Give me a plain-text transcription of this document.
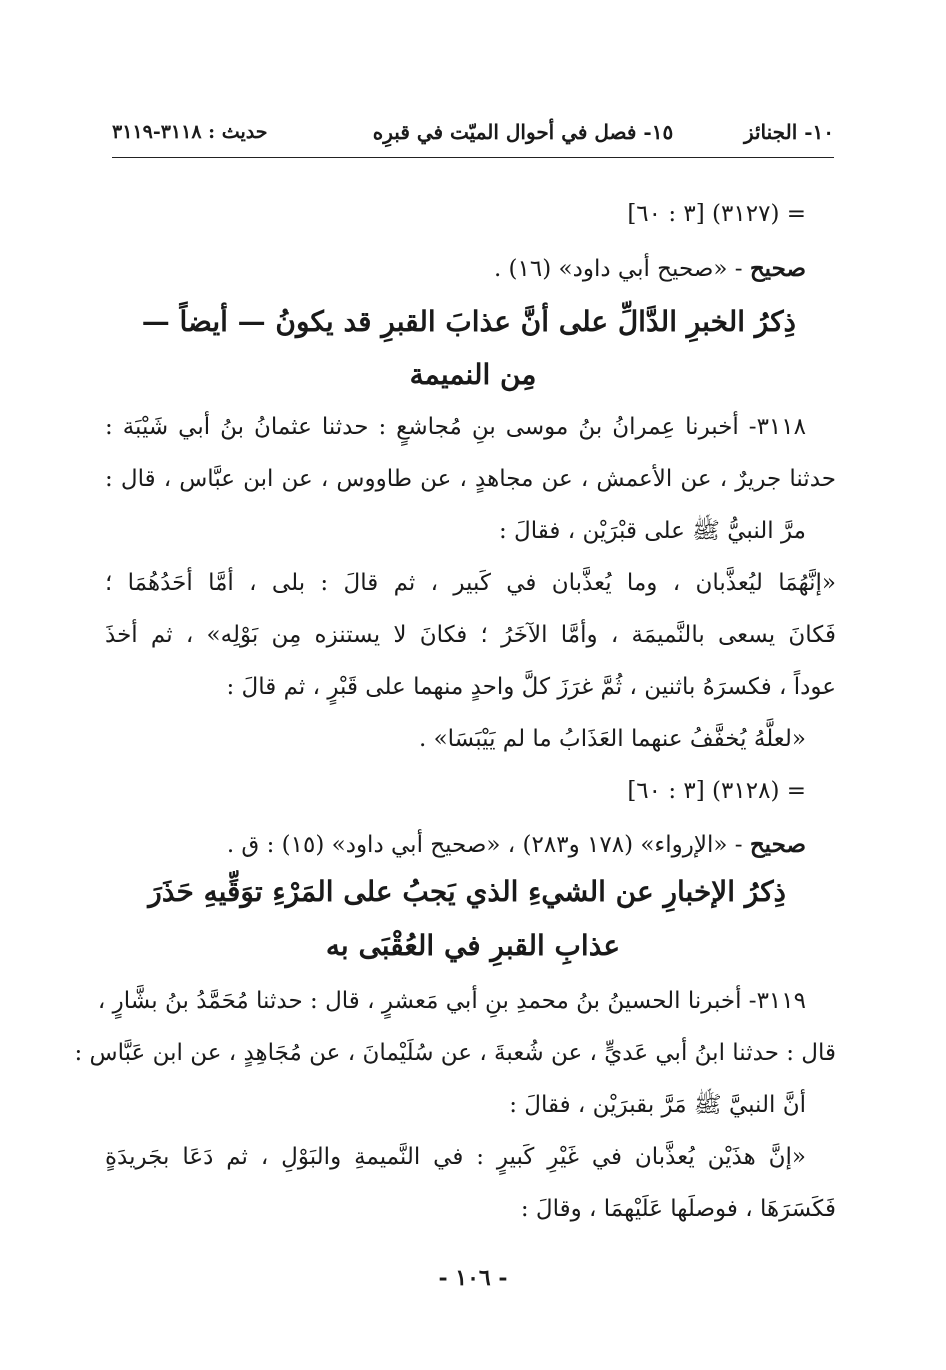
١٠- الجنائز
١٥- فصل في أحوال الميّت في قبرِه
حديث : ٣١١٨-٣١١٩
= (٣١٢٧) [٣ : ٦٠]
صحيح - «صحيح أبي داود» (١٦) .
ذِكرُ الخبرِ الدَّالِّ على أنَّ عذابَ القبرِ قد يكونُ — أيضاً —
مِن النميمة
٣١١٨- أخبرنا عِمرانُ بنُ موسى بنِ مُجاشعٍ : حدثنا عثمانُ بنُ أبي شَيْبَة :
حدثنا جريرٌ ، عن الأعمش ، عن مجاهدٍ ، عن طاووس ، عن ابن عبَّاس ، قال :
مرَّ النبيُّ ﷺ على قبْرَيْن ، فقالَ :
«إنَّهُمَا ليُعذَّبان ، وما يُعذَّبان في كَبير ، ثم قالَ : بلى ، أمَّا أحَدُهُمَا ؛
فَكانَ يسعى بالنَّميمَة ، وأمَّا الآخَرُ ؛ فكانَ لا يستنزه مِن بَوْلِه» ، ثم أخذَ
عوداً ، فكسرَهُ باثنين ، ثُمَّ غرَزَ كلَّ واحدٍ منهما على قَبْرٍ ، ثم قالَ :
«لعلَّهُ يُخفَّفُ عنهما العَذَابُ ما لم يَيْبَسَا» .
= (٣١٢٨) [٣ : ٦٠]
صحيح - «الإرواء» (١٧٨ و٢٨٣) ، «صحيح أبي داود» (١٥) : ق .
ذِكرُ الإخبارِ عن الشيءِ الذي يَجبُ على المَرْءِ توَقِّيهِ حَذَرَ
عذابِ القبرِ في العُقْبَى به
٣١١٩- أخبرنا الحسينُ بنُ محمدِ بنِ أبي مَعشرٍ ، قال : حدثنا مُحَمَّدُ بنُ بشَّارٍ ،
قال : حدثنا ابنُ أبي عَديٍّ ، عن شُعبةَ ، عن سُلَيْمانَ ، عن مُجَاهِدٍ ، عن ابن عَبَّاس :
أنَّ النبيَّ ﷺ مَرَّ بقبرَيْن ، فقالَ :
«إنَّ هذَيْن يُعذَّبان في غَيْرِ كَبيرٍ : في النَّميمةِ والبَوْلِ ، ثم دَعَا بجَريدَةٍ
فَكَسَرَهَا ، فوصلَها عَلَيْهمَا ، وقالَ :
- ١٠٦ -
